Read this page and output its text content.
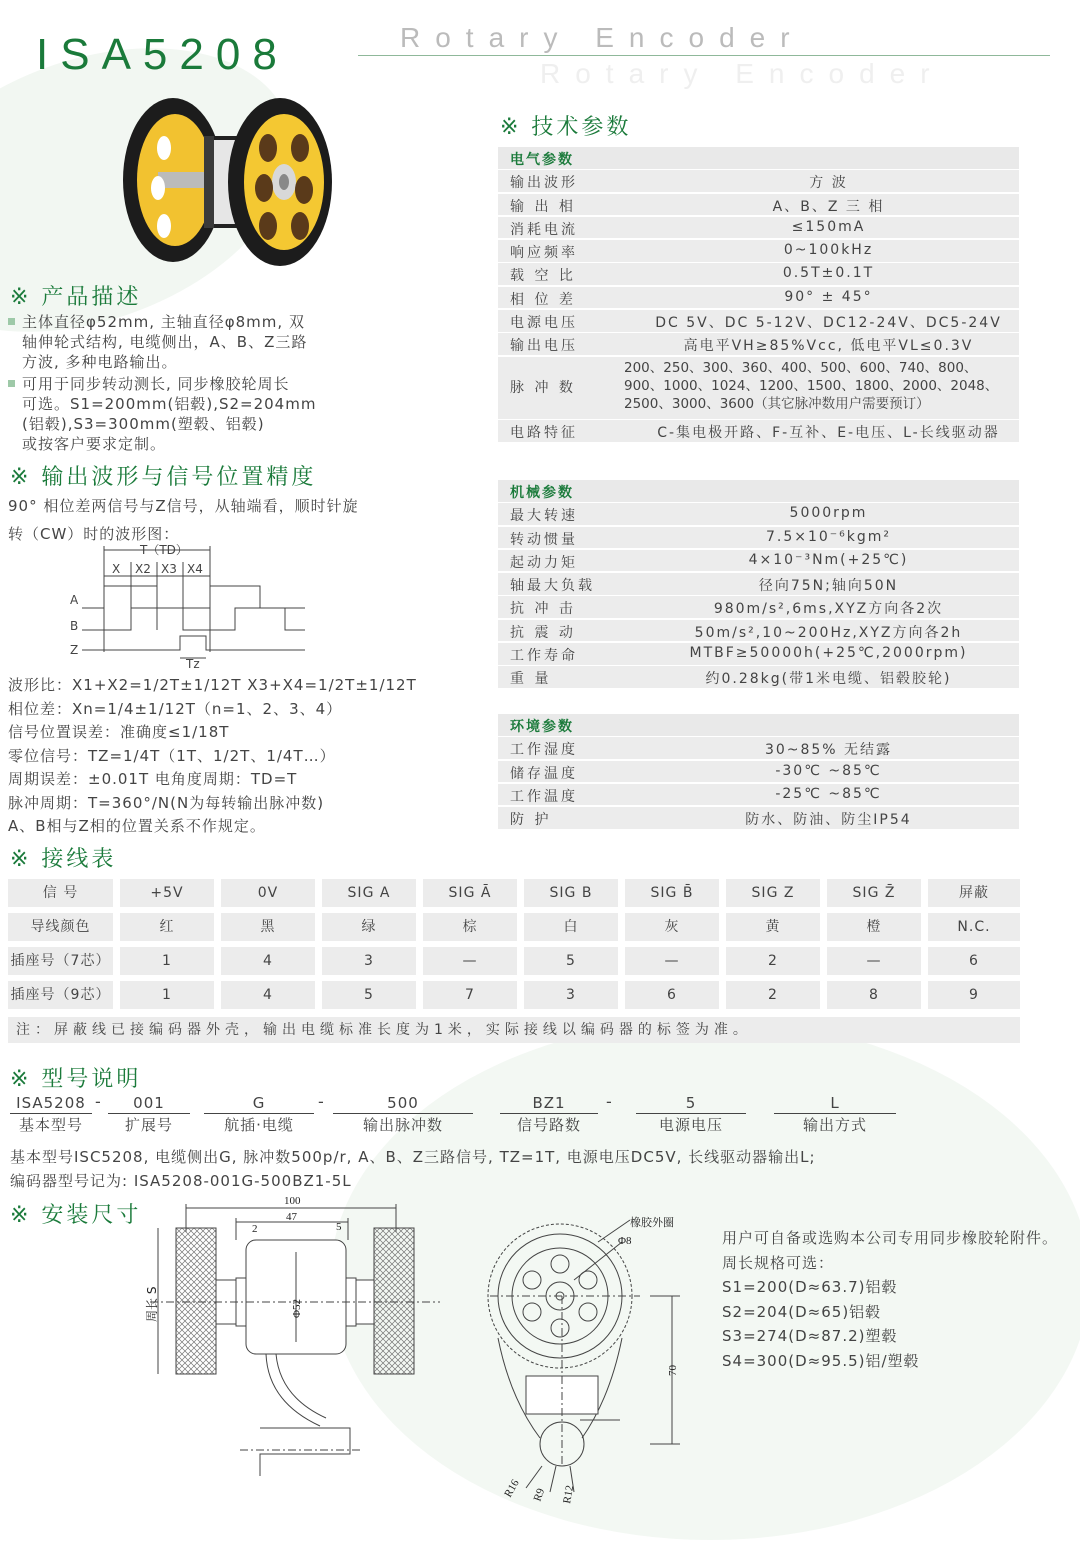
ISA5208	Rotary Encoder
Rotary Encoder
※ 产品描述
主体直径φ52mm, 主轴直径φ8mm, 双
轴伸轮式结构, 电缆侧出，A、B、Z三路
方波, 多种电路输出。
可用于同步转动测长, 同步橡胶轮周长
可选。S1=200mm(铝毂),S2=204mm
(铝毂),S3=300mm(塑毂、铝毂)
或按客户要求定制。
※ 输出波形与信号位置精度
90° 相位差两信号与Z信号，从轴端看，顺时针旋
转（CW）时的波形图：
T（TD）
X X2 X3 X4
A
B
Z
Tz
波形比：X1+X2=1/2T±1/12T X3+X4=1/2T±1/12T
相位差：Xn=1/4±1/12T（n=1、2、3、4）
信号位置误差：准确度≤1/18T
零位信号：TZ=1/4T（1T、1/2T、1/4T…）
周期误差：±0.01T 电角度周期：TD=T
脉冲周期：T=360°/N(N为每转输出脉冲数)
A、B相与Z相的位置关系不作规定。
※ 技术参数
电气参数
输出波形	方 波
输 出 相	A、B、Z 三 相
消耗电流	≤150mA
响应频率	0~100kHz
载 空 比	0.5T±0.1T
相 位 差	90° ± 45°
电源电压	DC 5V、DC 5-12V、DC12-24V、DC5-24V
输出电压	高电平VH≥85%Vcc, 低电平VL≤0.3V
脉 冲 数
200、250、300、360、400、500、600、740、800、
900、1000、1024、1200、1500、1800、2000、2048、
2500、3000、3600（其它脉冲数用户需要预订）
电路特征	C-集电极开路、F-互补、E-电压、L-长线驱动器
机械参数
最大转速	5000rpm
转动惯量	7.5×10⁻⁶kgm²
起动力矩	4×10⁻³Nm(+25℃)
轴最大负载	径向75N;轴向50N
抗 冲 击	980m/s²,6ms,XYZ方向各2次
抗 震 动	50m/s²,10~200Hz,XYZ方向各2h
工作寿命	MTBF≥50000h(+25℃,2000rpm)
重 量	约0.28kg(带1米电缆、铝毂胶轮)
环境参数
工作湿度	30~85% 无结露
储存温度	-30℃ ~85℃
工作温度	-25℃ ~85℃
防 护	防水、防油、防尘IP54
※ 接线表
信 号	+5V	0V	SIG A	SIG Ā	SIG B	SIG B̄	SIG Z	SIG Z̄	屏蔽
导线颜色	红	黑	绿	棕	白	灰	黄	橙	N.C.
插座号（7芯）	1	4	3	—	5	—	2	—	6
插座号（9芯）	1	4	5	7	3	6	2	8	9
注：屏蔽线已接编码器外壳，输出电缆标准长度为1米，实际接线以编码器的标签为准。
※ 型号说明
ISA5208
基本型号
-	001
扩展号
G
航插·电缆
-	500
输出脉冲数
BZ1
信号路数
-	5
电源电压
L
输出方式
基本型号ISC5208, 电缆侧出G, 脉冲数500p/r, A、B、Z三路信号, TZ=1T, 电源电压DC5V, 长线驱动器输出L;
编码器型号记为: ISA5208-001G-500BZ1-5L
※ 安装尺寸
100
47
2	5
Φ52
周长 S
橡胶外圈
Φ8
70
R16 R9 R12
用户可自备或选购本公司专用同步橡胶轮附件。
周长规格可选：
S1=200(D≈63.7)铝毂
S2=204(D≈65)铝毂
S3=274(D≈87.2)塑毂
S4=300(D≈95.5)铝/塑毂
